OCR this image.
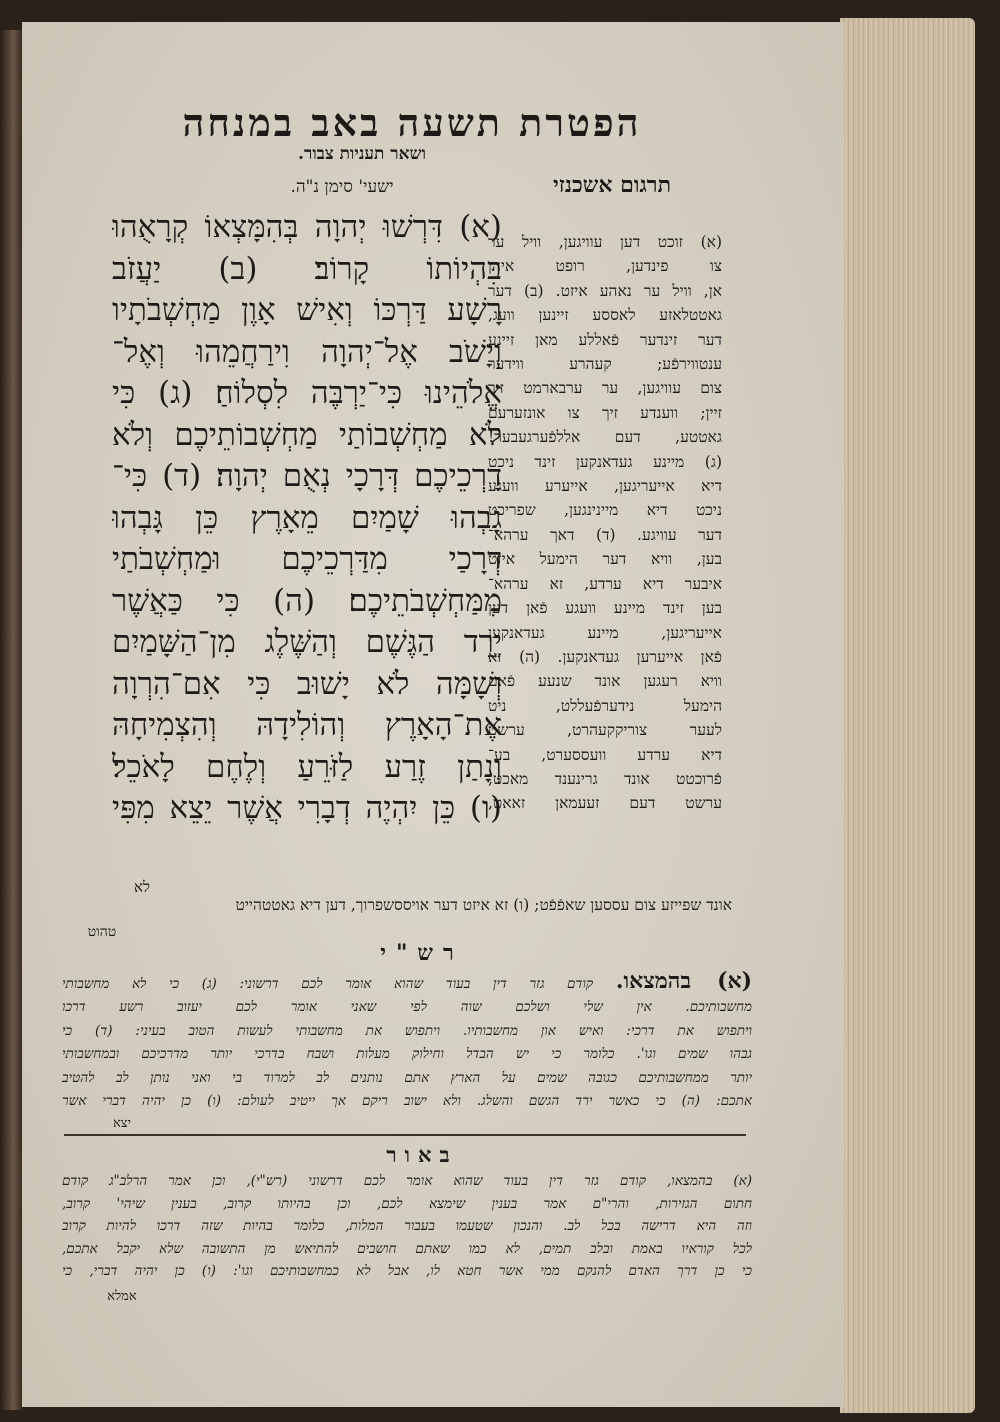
הפטרת תשעה באב במנחה
ושאר תעניות צבור.
תרגום אשכנזי
ישעי' סימן נ"ה.
(א) דִּרְשׁוּ יְהוָה בְּהִמָּצְאוֹ קְרָאֻהוּ
בִּהְיוֹתוֹ קָרוֹב׃ (ב) יַעֲזֹב
רָשָׁע דַּרְכּוֹ וְאִישׁ אָוֶן מַחְשְׁבֹתָיו
וְיָשֹׁב אֶל־יְהוָה וִירַחֲמֵהוּ וְאֶל־
אֱלֹהֵינוּ כִּי־יַרְבֶּה לִסְלוֹחַ׃ (ג) כִּי
לֹא מַחְשְׁבוֹתַי מַחְשְׁבוֹתֵיכֶם וְלֹא
דַרְכֵיכֶם דְּרָכָי נְאֻם יְהוָה׃ (ד) כִּי־
גָבְהוּ שָׁמַיִם מֵאָרֶץ כֵּן גָּבְהוּ
דְרָכַי מִדַּרְכֵיכֶם וּמַחְשְׁבֹתַי
מִמַּחְשְׁבֹתֵיכֶם׃ (ה) כִּי כַּאֲשֶׁר
יֵרֵד הַגֶּשֶׁם וְהַשֶּׁלֶג מִן־הַשָּׁמַיִם
וְשָׁמָּה לֹא יָשׁוּב כִּי אִם־הִרְוָה
אֶת־הָאָרֶץ וְהוֹלִידָהּ וְהִצְמִיחָהּ
וְנָתַן זֶרַע לַזֹּרֵעַ וְלֶחֶם לָאֹכֵל׃
(ו) כֵּן יִהְיֶה דְבָרִי אֲשֶׁר יֵצֵא מִפִּי
לא
(א) זוכט דען עוויגען, וויל ער
צו פינדען, רופט איהן
אן, וויל ער נאהע איזט. (ב) דער
גאטטלאזע לאססע זיינען וועג,
דער זינדער פֿאללע מאן זיינע
ענטווירפֿע; קעהרע ווידער
צום עוויגען, ער ערבארמט זיך
זיין; ווענדע זיך צו אונזערעם
גאטטע, דעם אללפֿערגעבער!
(ג) מיינע געדאנקען זינד ניכט
דיא אייעריגען, אייערע וועגע
ניכט דיא מיינינגען, שפריכט
דער עוויגע. (ד) דאך ערהא־
בען, וויא דער הימעל איזט
איבער דיא ערדע, זא ערהא־
בען זינד מיינע וועגע פֿאן דען
אייעריגען, מיינע געדאנקען
פֿאן אייערען געדאנקען. (ה) זא
וויא רעגען אונד שנעע פֿאם
הימעל נידערפֿעללט, ניט
לעער צוריקקעהרט, ערשט
דיא ערדע וועססערט, בע־
פֿרוכטט אונד גרינענד מאכט,
ערשט דעם זעעמאן זאאט,
אונד שפייזע צום עססען שאפֿפֿט; (ו) זא איזט דער אויססשפרוך, דען דיא גאטטהייט
טהוט
רש"י
(א) בהמצאו. קודם גזר דין בעוד שהוא אומר לכם דרשוני: (ג) כי לא מחשבותי
מחשבותיכם. אין שלי ושלכם שוה לפי שאני אומר לכם יעזוב רשע דרכו
ויתפוש את דרכי: ואיש און מחשבותיו. ויתפוש את מחשבותי לעשות הטוב בעיני: (ד) כי
גבהו שמים וגו'. כלומר כי יש הבדל וחילוק מעלות ושבח בדרכי יותר מדרכיכם ובמחשבותי
יותר ממחשבותיכם כגובה שמים על הארץ אתם נותנים לב למרוד בי ואני נותן לב להטיב
אתכם: (ה) כי כאשר ירד הגשם והשלג. ולא ישוב ריקם אך ייטיב לעולם: (ו) כן יהיה דברי אשר
יצא
באור
(א) בהמצאו, קודם גזר דין בעוד שהוא אומר לכם דרשוני (רש"י), וכן אמר הרלב"ג קודם
חתום הגזירות, והרי"ם אמר בענין שימצא לכם, וכן בהיותו קרוב, בענין שיהי' קרוב,
וזה היא דרישה בכל לב. והנכון שטעמו בעבור המלות, כלומר בהיות שזה דרכו להיות קרוב
לכל קוראיו באמת ובלב תמים, לא כמו שאתם חושבים להתיאש מן התשובה שלא יקבל אתכם,
כי כן דרך האדם להנקם ממי אשר חטא לו, אבל לא כמחשבותיכם וגו': (ו) כן יהיה דברי, כי
אמלא
